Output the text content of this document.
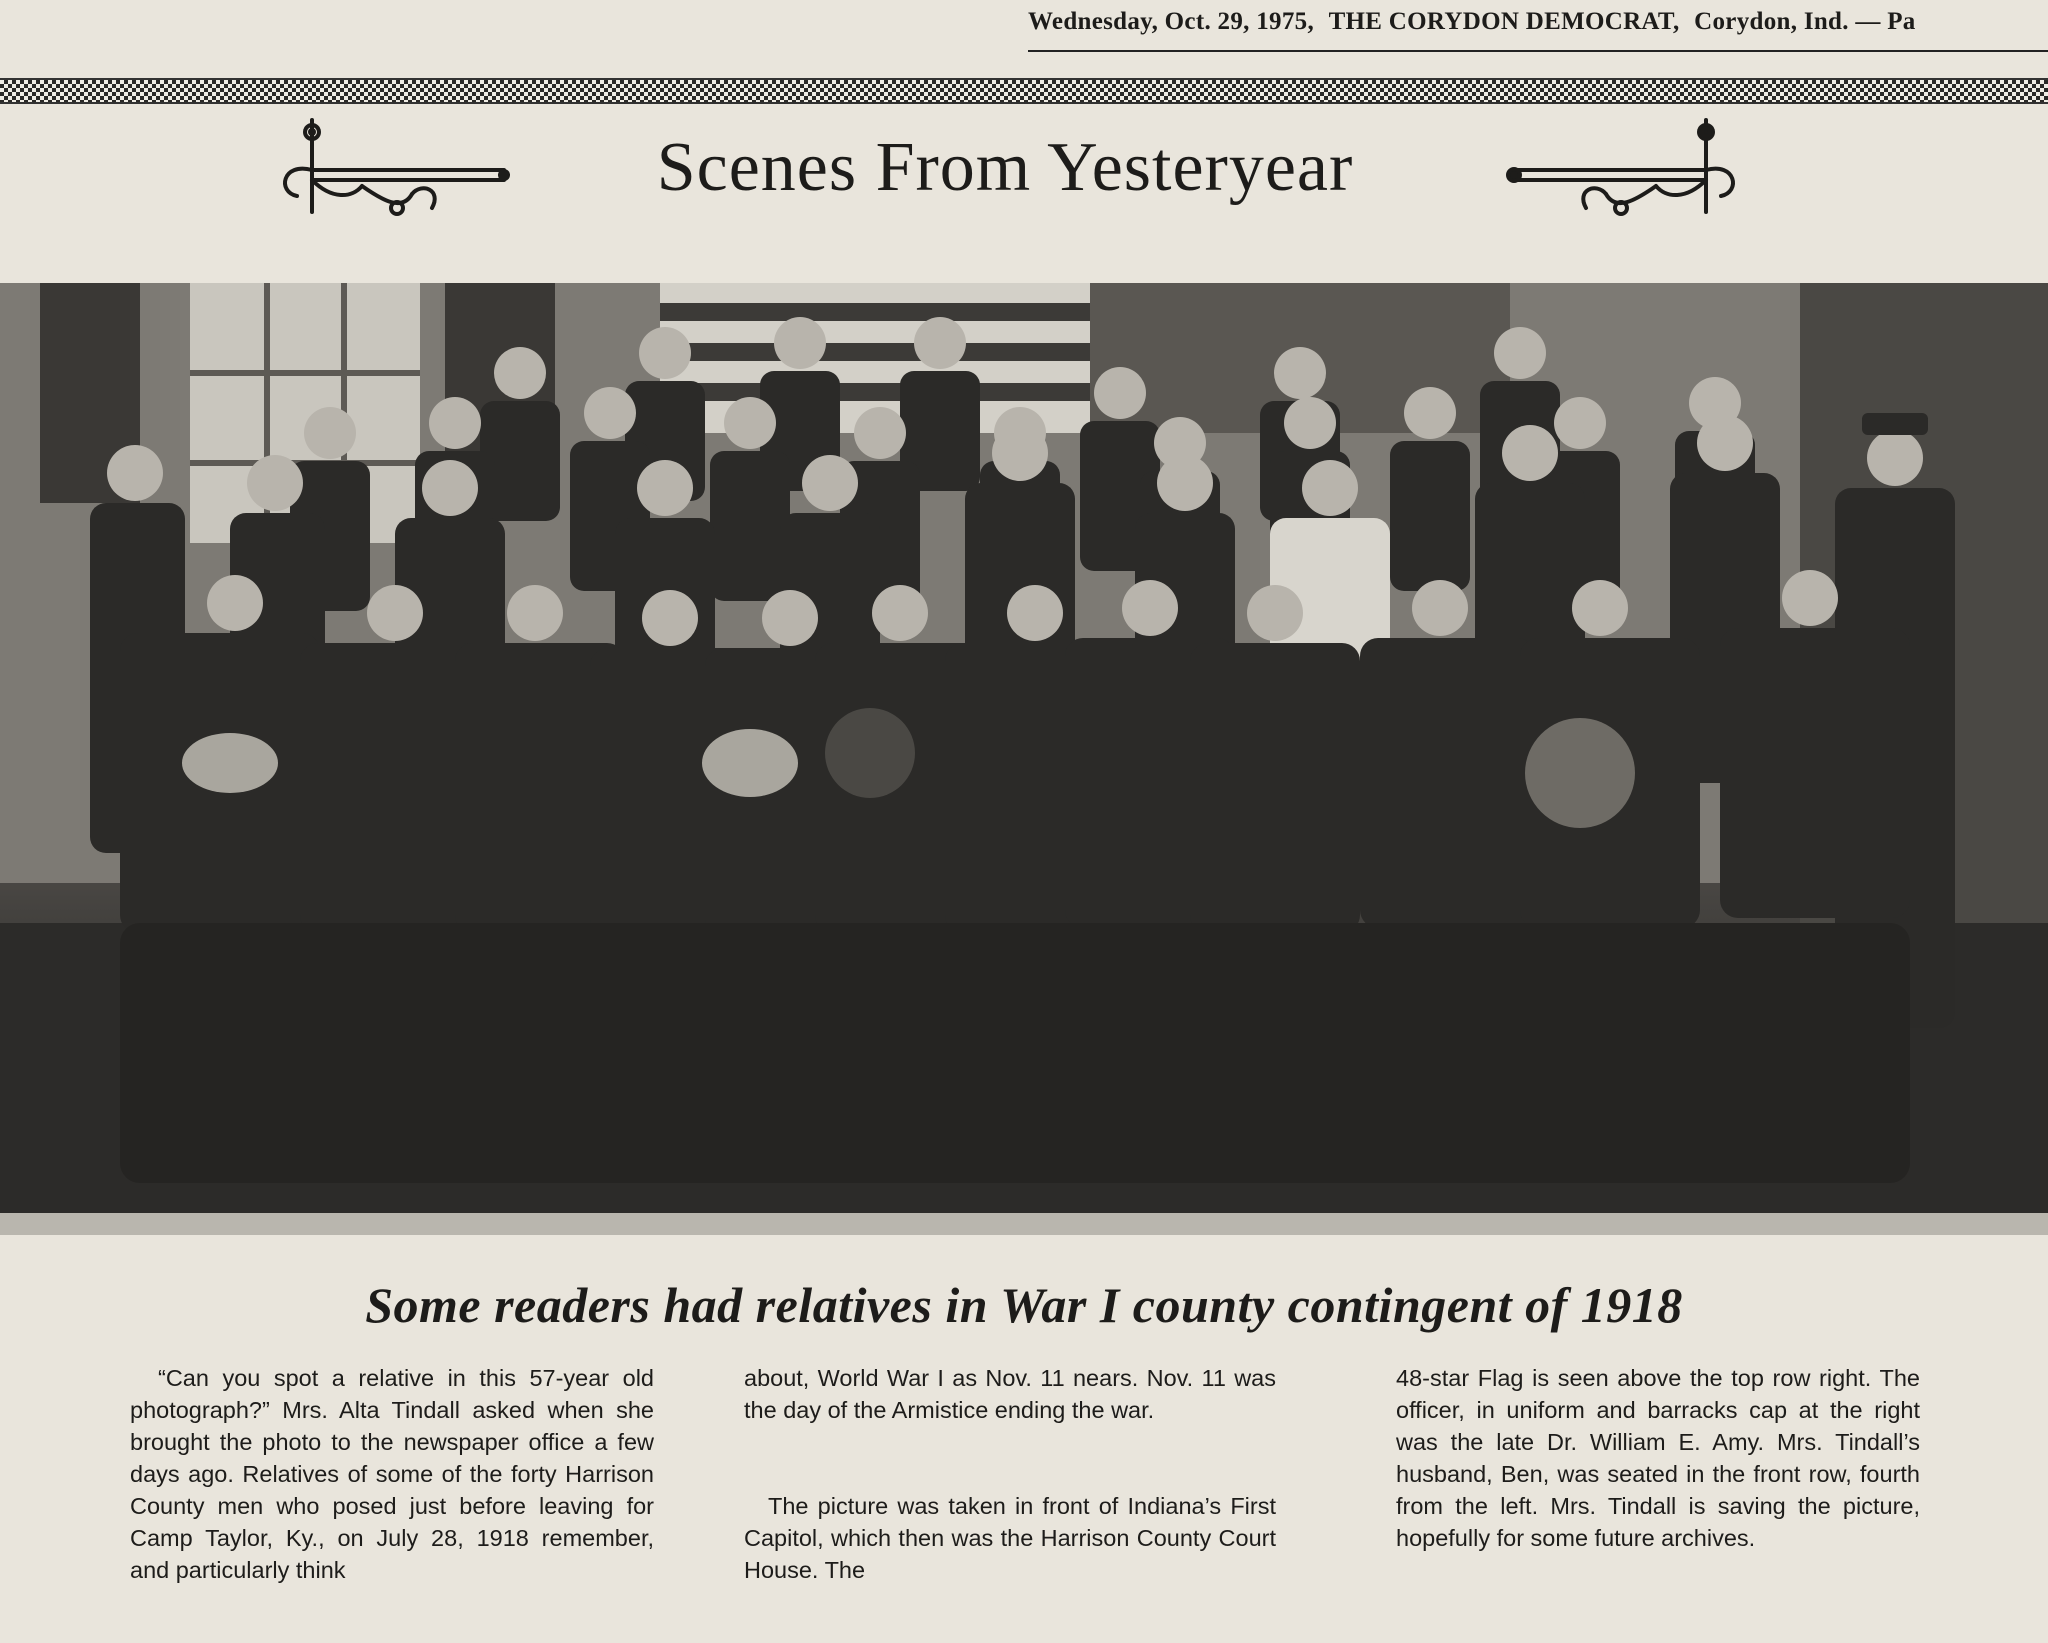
Wednesday, Oct. 29, 1975, THE CORYDON DEMOCRAT, Corydon, Ind. — Pa
Scenes From Yesteryear
Some readers had relatives in War I county contingent of 1918

“Can you spot a relative in this 57-year old photograph?” Mrs. Alta Tindall asked when she brought the photo to the newspaper office a few days ago. Relatives of some of the forty Harrison County men who posed just before leaving for Camp Taylor, Ky., on July 28, 1918 remember, and particularly think

about, World War I as Nov. 11 nears. Nov. 11 was the day of the Armistice ending the war.

The picture was taken in front of Indiana’s First Capitol, which then was the Harrison County Court House. The

48-star Flag is seen above the top row right. The officer, in uniform and barracks cap at the right was the late Dr. William E. Amy. Mrs. Tindall’s husband, Ben, was seated in the front row, fourth from the left. Mrs. Tindall is saving the picture, hopefully for some future archives.
